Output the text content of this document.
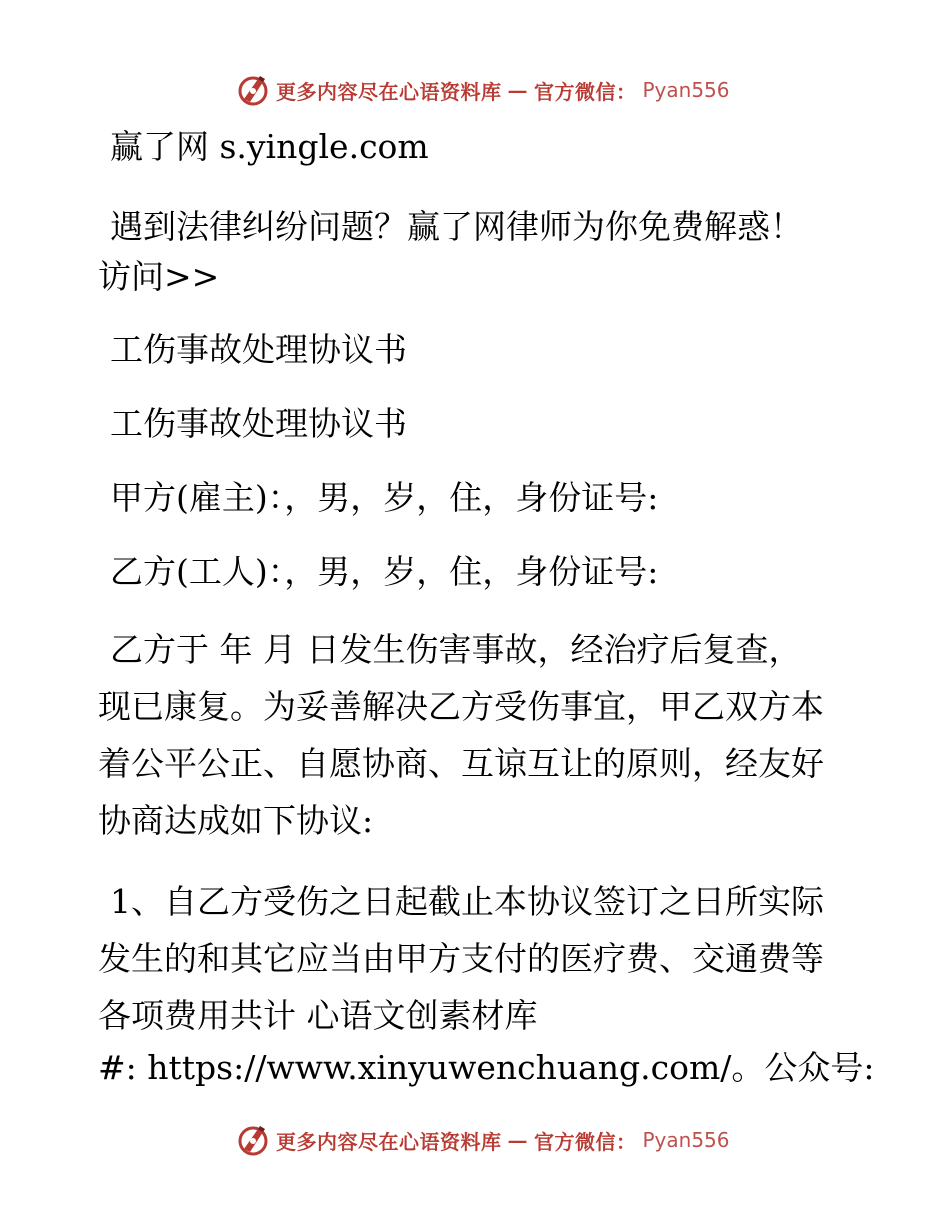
更多内容尽在心语资料库 — 官方微信： Pyan556
赢了网 s.yingle.com
遇到法律纠纷问题？赢了网律师为你免费解惑！
访问>>
工伤事故处理协议书
工伤事故处理协议书
甲方(雇主)：，男，岁，住，身份证号:
乙方(工人)：，男，岁，住，身份证号:
乙方于 年 月 日发生伤害事故，经治疗后复查，
现已康复。为妥善解决乙方受伤事宜，甲乙双方本
着公平公正、自愿协商、互谅互让的原则，经友好
协商达成如下协议:
1、自乙方受伤之日起截止本协议签订之日所实际
发生的和其它应当由甲方支付的医疗费、交通费等
各项费用共计 心语文创素材库
#: https://www.xinyuwenchuang.com/。公众号:
更多内容尽在心语资料库 — 官方微信： Pyan556
